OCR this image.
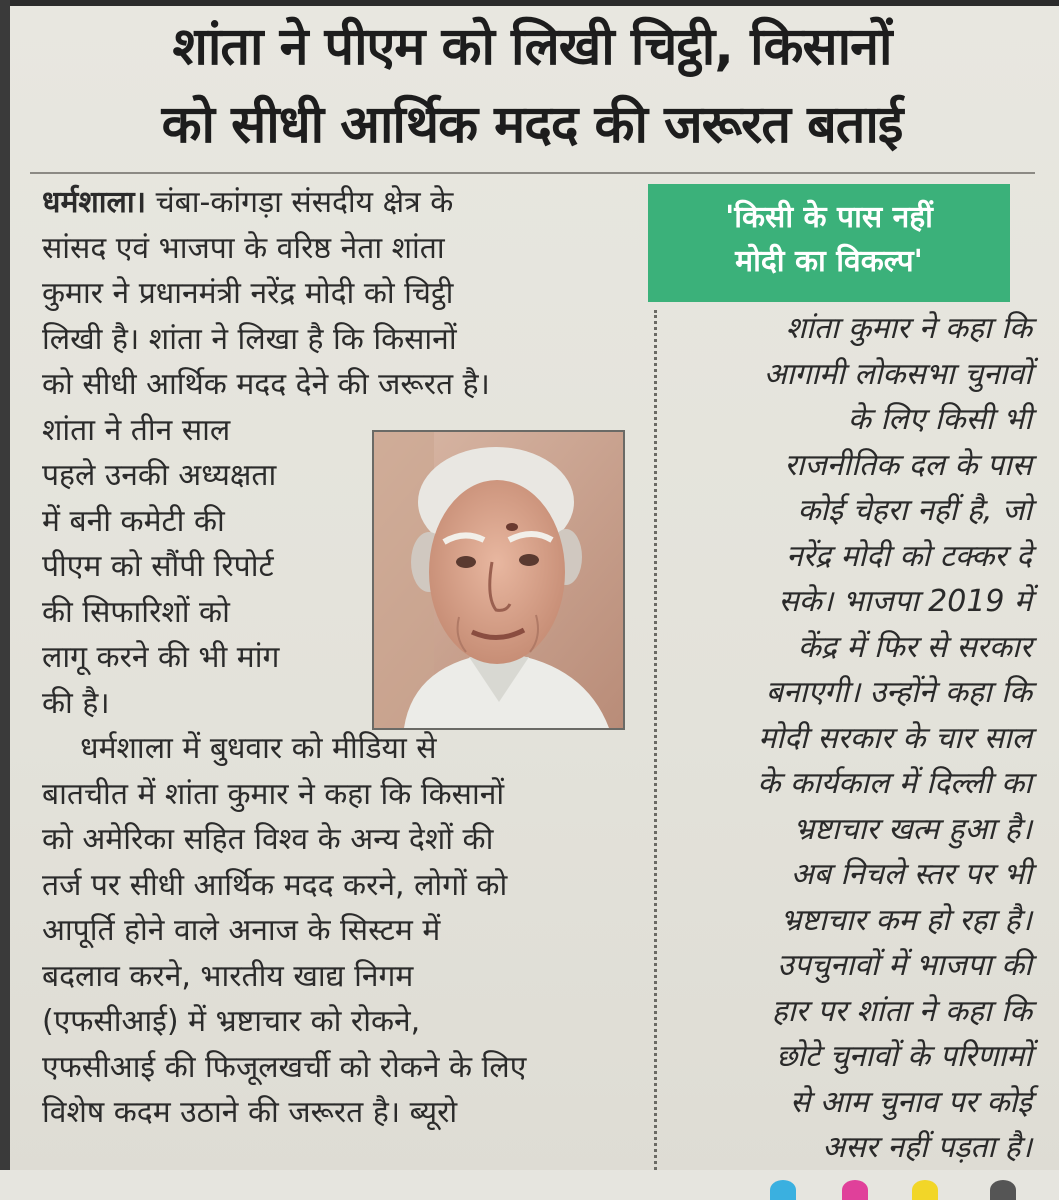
शांता ने पीएम को लिखी चिट्ठी, किसानों
को सीधी आर्थिक मदद की जरूरत बताई

धर्मशाला। चंबा-कांगड़ा संसदीय क्षेत्र के

सांसद एवं भाजपा के वरिष्ठ नेता शांता

कुमार ने प्रधानमंत्री नरेंद्र मोदी को चिट्ठी

लिखी है। शांता ने लिखा है कि किसानों

को सीधी आर्थिक मदद देने की जरूरत है।

शांता ने तीन साल

पहले उनकी अध्यक्षता

में बनी कमेटी की

पीएम को सौंपी रिपोर्ट

की सिफारिशों को

लागू करने की भी मांग

की है।

धर्मशाला में बुधवार को मीडिया से

बातचीत में शांता कुमार ने कहा कि किसानों

को अमेरिका सहित विश्व के अन्य देशों की

तर्ज पर सीधी आर्थिक मदद करने, लोगों को

आपूर्ति होने वाले अनाज के सिस्टम में

बदलाव करने, भारतीय खाद्य निगम

(एफसीआई) में भ्रष्टाचार को रोकने,

एफसीआई की फिजूलखर्ची को रोकने के लिए

विशेष कदम उठाने की जरूरत है। ब्यूरो

'किसी के पास नहीं

मोदी का विकल्प'

शांता कुमार ने कहा कि

आगामी लोकसभा चुनावों

के लिए किसी भी

राजनीतिक दल के पास

कोई चेहरा नहीं है, जो

नरेंद्र मोदी को टक्कर दे

सके। भाजपा 2019 में

केंद्र में फिर से सरकार

बनाएगी। उन्होंने कहा कि

मोदी सरकार के चार साल

के कार्यकाल में दिल्ली का

भ्रष्टाचार खत्म हुआ है।

अब निचले स्तर पर भी

भ्रष्टाचार कम हो रहा है।

उपचुनावों में भाजपा की

हार पर शांता ने कहा कि

छोटे चुनावों के परिणामों

से आम चुनाव पर कोई

असर नहीं पड़ता है।
